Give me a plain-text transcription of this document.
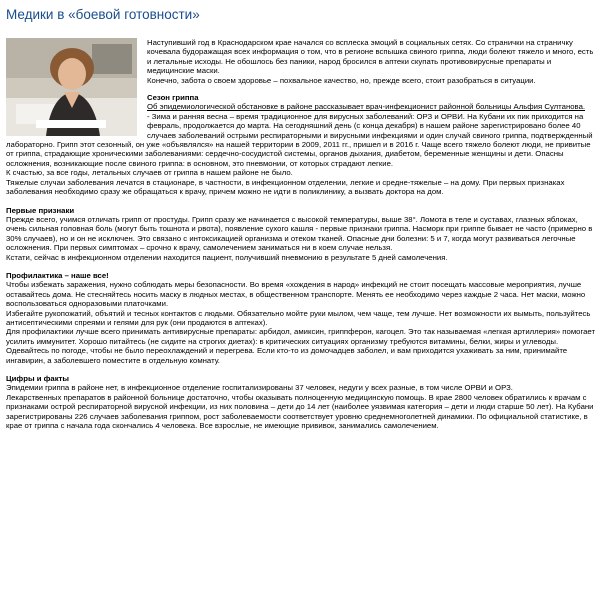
Медики в «боевой готовности»

Наступивший год в Краснодарском крае начался со всплеска эмоций в социальных сетях. Со странички на страничку кочевала будоражащая всех информация о том, что в регионе вспышка свиного гриппа, люди болеют тяжело и много, есть и летальные исходы. Не обошлось без паники, народ бросился в аптеки скупать противовирусные препараты и медицинские маски.

Конечно, забота о своем здоровье – похвальное качество, но, прежде всего, стоит разобраться в ситуации.

Сезон гриппа

Об эпидемиологической обстановке в районе рассказывает врач-инфекционист районной больницы Альфия Султанова.

- Зима и ранняя весна – время традиционное для вирусных заболеваний: ОРЗ и ОРВИ. На Кубани их пик приходится на февраль, продолжается до марта. На сегодняшний день (с конца декабря) в нашем районе зарегистрировано более 40 случаев заболеваний острыми респираторными и вирусными инфекциями и один случай свиного гриппа, подтвержденный лабораторно. Грипп этот сезонный, он уже «объявлялся» на нашей территории в 2009, 2011 гг., пришел и в 2016 г. Чаще всего тяжело болеют люди, не привитые от гриппа, страдающие хроническими заболеваниями: сердечно-сосудистой системы, органов дыхания, диабетом, беременные женщины и дети. Опасны осложнения, возникающие после свиного гриппа: в основном, это пневмонии, от которых страдают легкие.

К счастью, за все годы, летальных случаев от гриппа в нашем районе не было.

Тяжелые случаи заболевания лечатся в стационаре, в частности, в инфекционном отделении, легкие и средне-тяжелые – на дому. При первых признаках заболевания необходимо сразу же обращаться к врачу, причем можно не идти в поликлинику, а вызвать доктора на дом.

Первые признаки

Прежде всего, учимся отличать грипп от простуды. Грипп сразу же начинается с высокой температуры, выше 38°. Ломота в теле и суставах, глазных яблоках, очень сильная головная боль (могут быть тошнота и рвота), появление сухого кашля - первые признаки гриппа. Насморк при гриппе бывает не часто (примерно в 30% случаев), но и он не исключен. Это связано с интоксикацией организма и отеком тканей. Опасные дни болезни: 5 и 7, когда могут развиваться легочные осложнения. При первых симптомах – срочно к врачу, самолечением заниматься ни в коем случае нельзя.

Кстати, сейчас в инфекционном отделении находится пациент, получивший пневмонию в результате 5 дней самолечения.

Профилактика – наше все!

Чтобы избежать заражения, нужно соблюдать меры безопасности. Во время «хождения в народ» инфекций не стоит посещать массовые мероприятия, лучше оставайтесь дома. Не стесняйтесь носить маску в людных местах, в общественном транспорте. Менять ее необходимо через каждые 2 часа. Нет маски, можно воспользоваться одноразовыми платочками.

Избегайте рукопожатий, объятий и тесных контактов с людьми. Обязательно мойте руки мылом, чем чаще, тем лучше. Нет возможности их вымыть, пользуйтесь антисептическими спреями и гелями для рук (они продаются в аптеках).

Для профилактики лучше всего принимать антивирусные препараты: арбидол, амиксин, гриппферон, кагоцел. Это так называемая «легкая артиллерия» помогает усилить иммунитет. Хорошо питайтесь (не сидите на строгих диетах): в критических ситуациях организму требуются витамины, белки, жиры и углеводы. Одевайтесь по погоде, чтобы не было переохлаждений и перегрева. Если кто-то из домочадцев заболел, и вам приходится ухаживать за ним, принимайте ингавирин, а заболевшего поместите в отдельную комнату.

Цифры и факты

Эпидемии гриппа в районе нет, в инфекционное отделение госпитализированы 37 человек, недуги у всех разные, в том числе ОРВИ и ОРЗ.

Лекарственных препаратов в районной больнице достаточно, чтобы оказывать полноценную медицинскую помощь. В крае 2800 человек обратились к врачам с признаками острой респираторной вирусной инфекции, из них половина – дети до 14 лет (наиболее уязвимая категория – дети и люди старше 50 лет). На Кубани зарегистрированы 226 случаев заболевания гриппом, рост заболеваемости соответствует уровню среднемноголетней динамики. По официальной статистике, в крае от гриппа с начала года скончались 4 человека. Все взрослые, не имеющие прививок, занимались самолечением.
